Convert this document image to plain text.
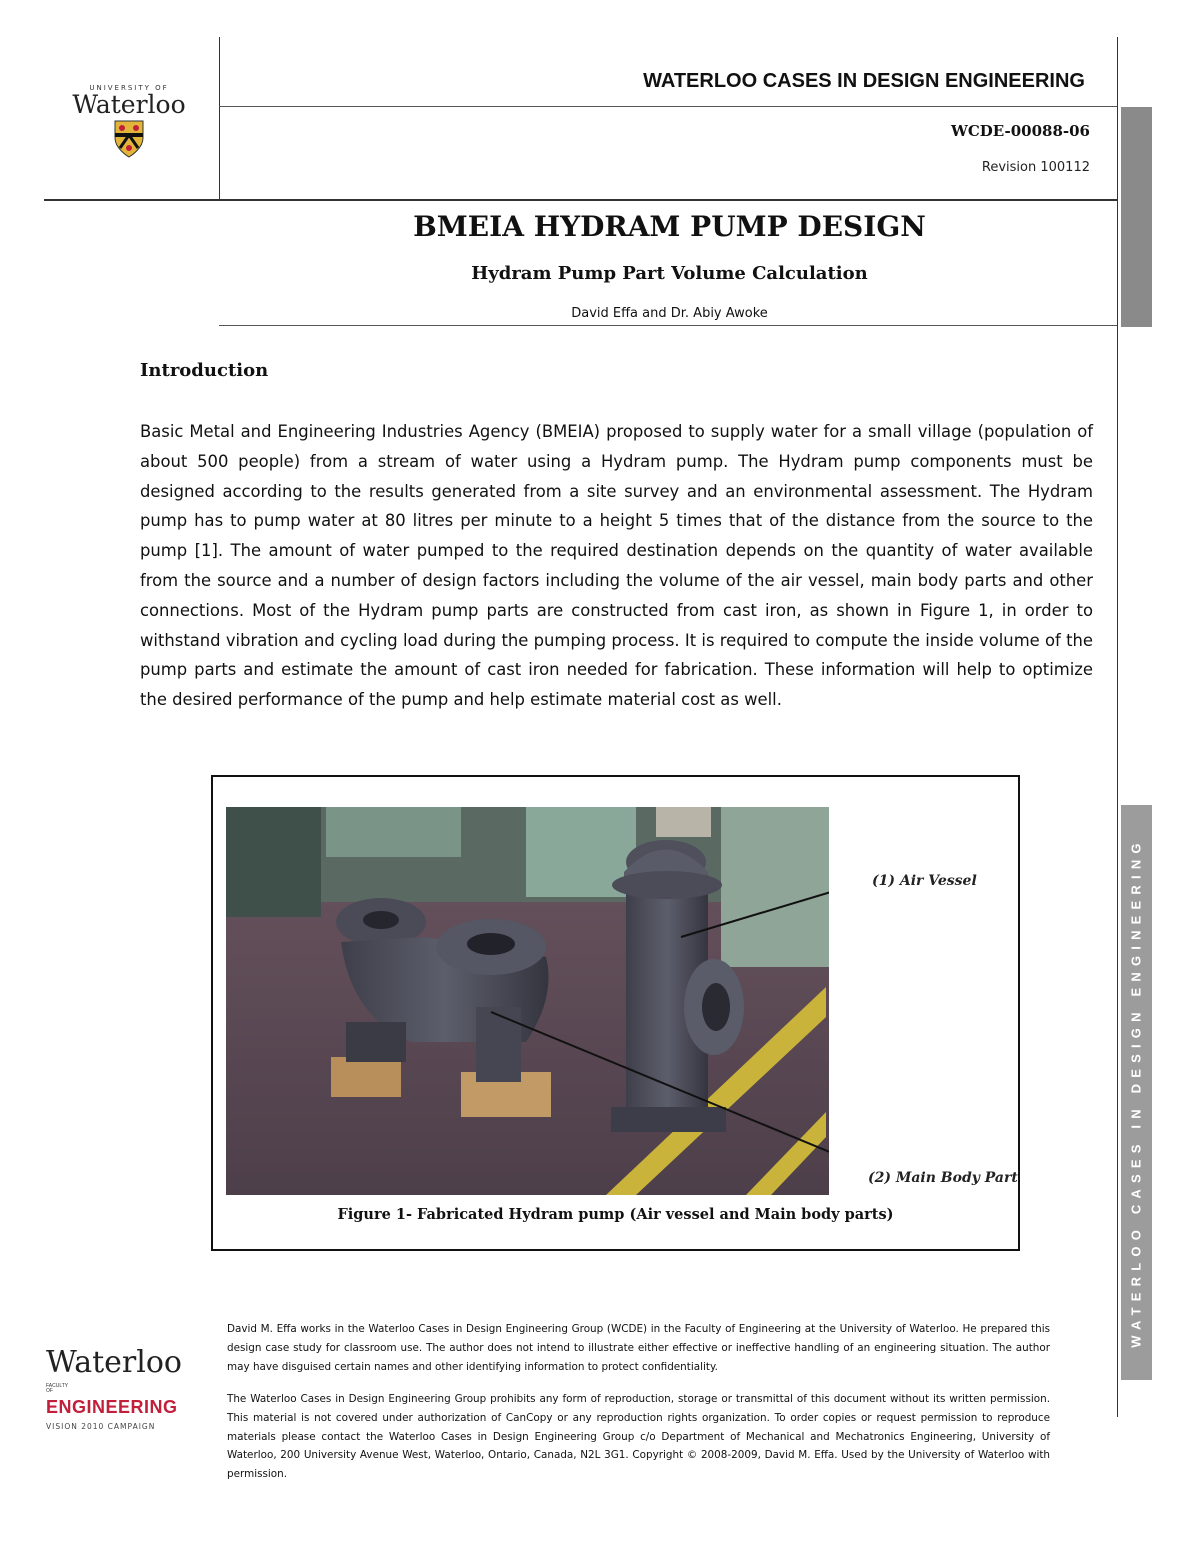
WATERLOO CASES IN DESIGN ENGINEERING
UNIVERSITY OF
Waterloo
WATERLOO CASES IN DESIGN ENGINEERING
WCDE-00088-06
Revision 100112
BMEIA HYDRAM PUMP DESIGN
Hydram Pump Part Volume Calculation
David Effa and Dr. Abiy Awoke
Introduction
Basic Metal and Engineering Industries Agency (BMEIA) proposed to supply water for a small village (population of about 500 people) from a stream of water using a Hydram pump. The Hydram pump components must be designed according to the results generated from a site survey and an environmental assessment. The Hydram pump has to pump water at 80 litres per minute to a height 5 times that of the distance from the source to the pump [1]. The amount of water pumped to the required destination depends on the quantity of water available from the source and a number of design factors including the volume of the air vessel, main body parts and other connections. Most of the Hydram pump parts are constructed from cast iron, as shown in Figure 1, in order to withstand vibration and cycling load during the pumping process. It is required to compute the inside volume of the pump parts and estimate the amount of cast iron needed for fabrication. These information will help to optimize the desired performance of the pump and help estimate material cost as well.
(1) Air Vessel
(2) Main Body Part
Figure 1- Fabricated Hydram pump (Air vessel and Main body parts)
Waterloo
FACULTY OFENGINEERING
VISION 2010 CAMPAIGN
David M. Effa works in the Waterloo Cases in Design Engineering Group (WCDE) in the Faculty of Engineering at the University of Waterloo. He prepared this design case study for classroom use. The author does not intend to illustrate either effective or ineffective handling of an engineering situation. The author may have disguised certain names and other identifying information to protect confidentiality.
The Waterloo Cases in Design Engineering Group prohibits any form of reproduction, storage or transmittal of this document without its written permission. This material is not covered under authorization of CanCopy or any reproduction rights organization. To order copies or request permission to reproduce materials please contact the Waterloo Cases in Design Engineering Group c/o Department of Mechanical and Mechatronics Engineering, University of Waterloo, 200 University Avenue West, Waterloo, Ontario, Canada, N2L 3G1. Copyright © 2008-2009, David M. Effa. Used by the University of Waterloo with permission.
